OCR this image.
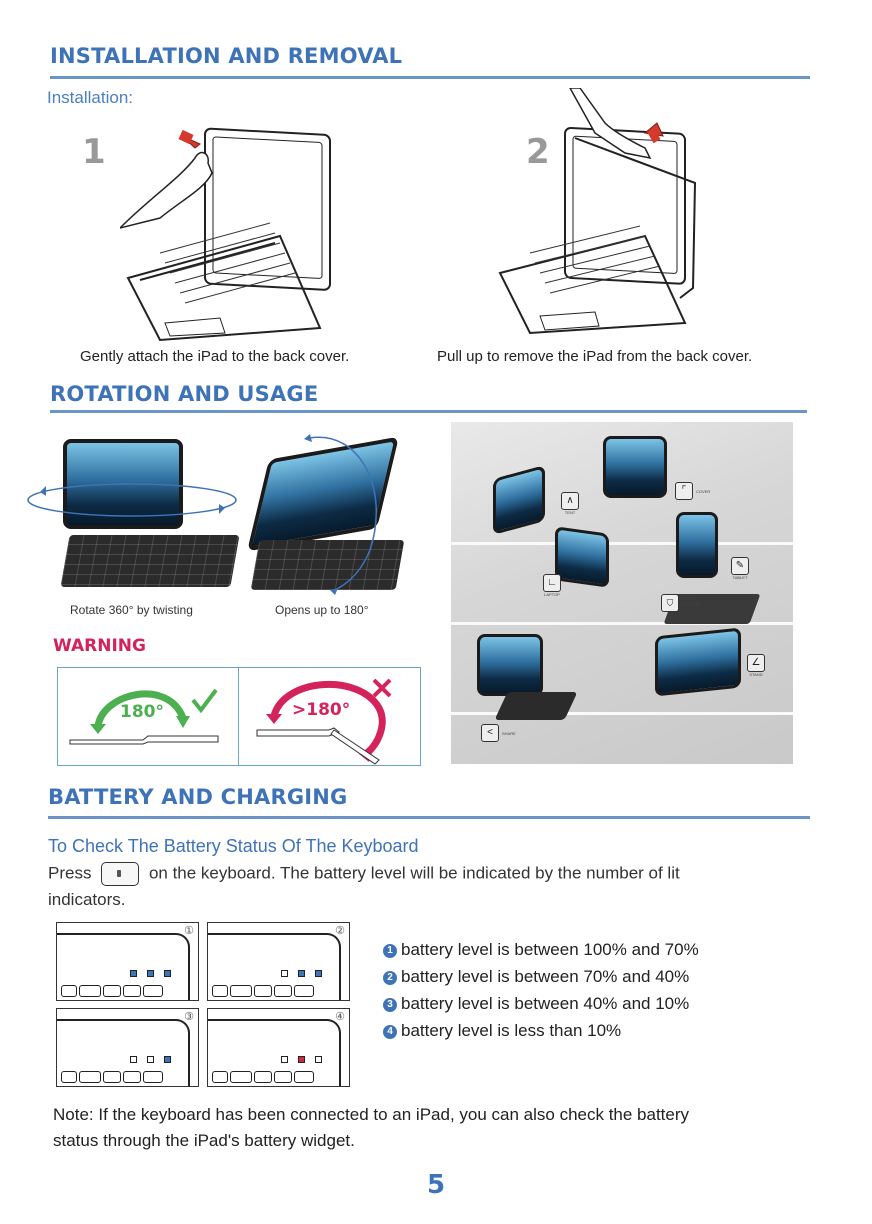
INSTALLATION AND REMOVAL
Installation:
1	2
Gently attach the iPad to the back cover.	Pull up to remove the iPad from the back cover.
ROTATION AND USAGE
Rotate 360° by twisting	Opens up to 180°
WARNING
180°	>180°
∧
TENT
⌜	COVER
∟
LAPTOP
⛉	PROTECT
✎
TABLET
∠
STAND
<	SHARE
BATTERY AND CHARGING
To Check The Battery Status Of The Keyboard
Press	on the keyboard. The battery level will be indicated by the number of lit
indicators.
①	②
③	④
1 battery level is between 100% and 70%
2 battery level is between 70% and 40%
3 battery level is between 40% and 10%
4 battery level is less than 10%
Note: If the keyboard has been connected to an iPad, you can also check the battery
status through the iPad's battery widget.
5
